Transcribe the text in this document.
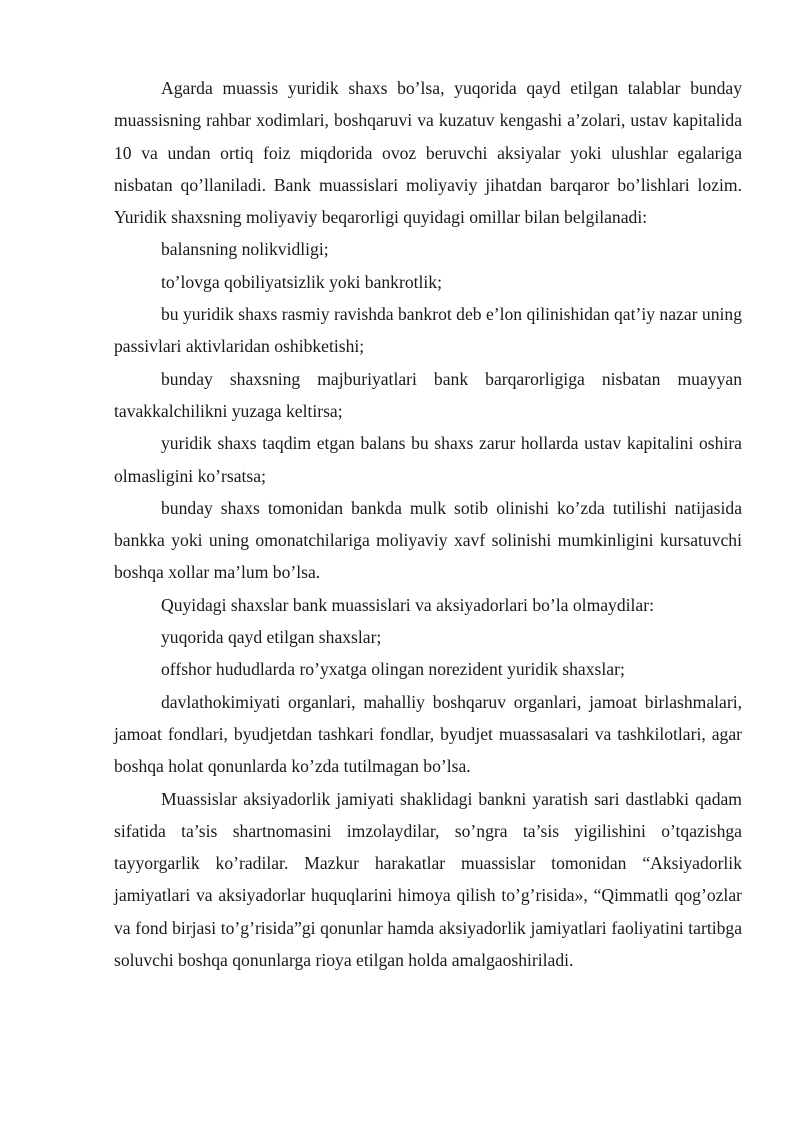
Agarda muassis yuridik shaxs bo’lsa, yuqorida qayd etilgan talablar bunday muassisning rahbar xodimlari, boshqaruvi va kuzatuv kengashi a’zolari, ustav kapitalida 10 va undan ortiq foiz miqdorida ovoz beruvchi aksiyalar yoki ulushlar egalariga nisbatan qo’llaniladi. Bank muassislari moliyaviy jihatdan barqaror bo’lishlari lozim. Yuridik shaxsning moliyaviy beqarorligi quyidagi omillar bilan belgilanadi:

balansning nolikvidligi;

to’lovga qobiliyatsizlik yoki bankrotlik;

bu yuridik shaxs rasmiy ravishda bankrot deb e’lon qilinishidan qat’iy nazar uning passivlari aktivlaridan oshibketishi;

bunday shaxsning majburiyatlari bank barqarorligiga nisbatan muayyan tavakkalchilikni yuzaga keltirsa;

yuridik shaxs taqdim etgan balans bu shaxs zarur hollarda ustav kapitalini oshira olmasligini ko’rsatsa;

bunday shaxs tomonidan bankda mulk sotib olinishi ko’zda tutilishi natijasida bankka yoki uning omonatchilariga moliyaviy xavf solinishi mumkinligini kursatuvchi boshqa xollar ma’lum bo’lsa.

Quyidagi shaxslar bank muassislari va aksiyadorlari bo’la olmaydilar:

yuqorida qayd etilgan shaxslar;

offshor hududlarda ro’yxatga olingan norezident yuridik shaxslar;

davlathokimiyati organlari, mahalliy boshqaruv organlari, jamoat birlashmalari, jamoat fondlari, byudjetdan tashkari fondlar, byudjet muassasalari va tashkilotlari, agar boshqa holat qonunlarda ko’zda tutilmagan bo’lsa.

Muassislar aksiyadorlik jamiyati shaklidagi bankni yaratish sari dastlabki qadam sifatida ta’sis shartnomasini imzolaydilar, so’ngra ta’sis yigilishini o’tqazishga tayyorgarlik ko’radilar. Mazkur harakatlar muassislar tomonidan “Aksiyadorlik jamiyatlari va aksiyadorlar huquqlarini himoya qilish to’g’risida», “Qimmatli qog’ozlar va fond birjasi to’g’risida”gi qonunlar hamda aksiyadorlik jamiyatlari faoliyatini tartibga soluvchi boshqa qonunlarga rioya etilgan holda amalgaoshiriladi.
